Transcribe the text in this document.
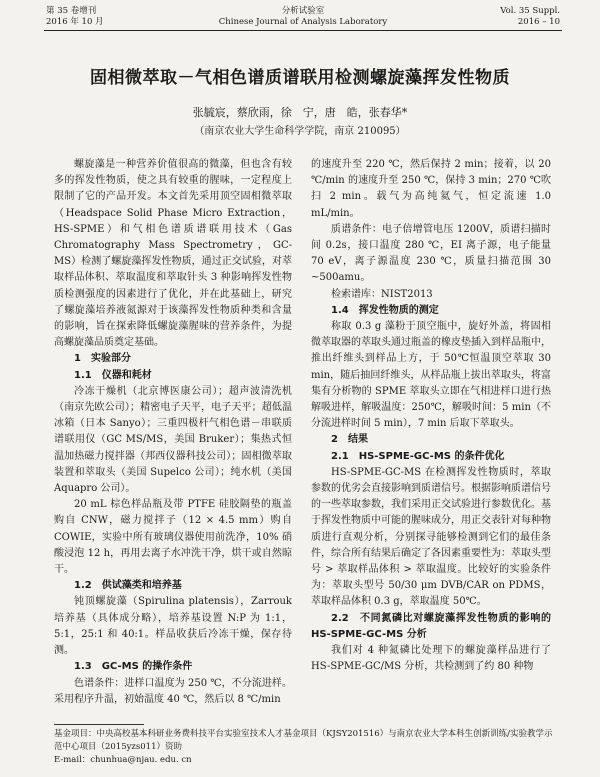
第 35 卷增刊
2016 年 10 月
分析试验室
Chinese Journal of Analysis Laboratory
Vol. 35 Suppl.
2016 – 10
固相微萃取－气相色谱质谱联用检测螺旋藻挥发性物质
张毓宸，蔡欣雨，徐　宁，唐　皓，张春华*
（南京农业大学生命科学学院，南京 210095）

螺旋藻是一种营养价值很高的微藻，但也含有较多的挥发性物质，使之具有较重的腥味，一定程度上限制了它的产品开发。本文首先采用顶空固相微萃取（Headspace Solid Phase Micro Extraction，HS-SPME）和气相色谱质谱联用技术（Gas Chromatography Mass Spectrometry，GC-MS）检测了螺旋藻挥发性物质，通过正交试验，对萃取样品体积、萃取温度和萃取针头 3 种影响挥发性物质检测强度的因素进行了优化，并在此基础上，研究了螺旋藻培养液氮源对于该藻挥发性物质种类和含量的影响，旨在探索降低螺旋藻腥味的营养条件，为提高螺旋藻品质奠定基础。

1　实验部分

1.1　仪器和耗材

冷冻干燥机（北京博医康公司）；超声波清洗机（南京先欧公司）；精密电子天平，电子天平；超低温冰箱（日本 Sanyo）；三重四极杆气相色谱－串联质谱联用仪（GC MS/MS，美国 Bruker）；集热式恒温加热磁力搅拌器（邦西仪器科技公司）；固相微萃取装置和萃取头（美国 Supelco 公司）；纯水机（美国 Aquapro 公司）。

20 mL 棕色样品瓶及带 PTFE 硅胶隔垫的瓶盖购自 CNW，磁力搅拌子（12 × 4.5 mm）购自 COWIE，实验中所有玻璃仪器使用前洗净，10% 硝酸浸泡 12 h，再用去离子水冲洗干净，烘干或自然晾干。

1.2　供试藻类和培养基

钝顶螺旋藻（Spirulina platensis），Zarrouk 培养基（具体成分略），培养基设置 N:P 为 1:1，5:1，25:1 和 40:1。样品收获后冷冻干燥，保存待测。

1.3　GC-MS 的操作条件

色谱条件：进样口温度为 250 ℃，不分流进样。采用程序升温，初始温度 40 ℃，然后以 8 ℃/min

的速度升至 220 ℃，然后保持 2 min；接着，以 20 ℃/min 的速度升至 250 ℃，保持 3 min；270 ℃吹扫 2 min。载气为高纯氦气，恒定流速 1.0 mL/min。

质谱条件：电子倍增管电压 1200V，质谱扫描时间 0.2s，接口温度 280 ℃，EI 离子源，电子能量 70 eV，离子源温度 230 ℃，质量扫描范围 30 ~500amu。

检索谱库：NIST2013

1.4　挥发性物质的测定

称取 0.3 g 藻粉于顶空瓶中，旋好外盖，将固相微萃取器的萃取头通过瓶盖的橡皮垫插入到样品瓶中，推出纤维头到样品上方，于 50℃恒温顶空萃取 30 min，随后抽回纤维头，从样品瓶上拔出萃取头，将富集有分析物的 SPME 萃取头立即在气相进样口进行热解吸进样，解吸温度：250℃，解吸时间：5 min（不分流进样时间 5 min），7 min 后取下萃取头。

2　结果

2.1　HS-SPME-GC-MS 的条件优化

HS-SPME-GC-MS 在检测挥发性物质时，萃取参数的优劣会直接影响到质谱信号。根据影响质谱信号的一些萃取参数，我们采用正交试验进行参数优化。基于挥发性物质中可能的腥味成分，用正交表针对每种物质进行直观分析，分别探寻能够检测到它们的最佳条件，综合所有结果后确定了各因素重要性为：萃取头型号 > 萃取样品体积 > 萃取温度。比较好的实验条件为：萃取头型号 50/30 μm DVB/CAR on PDMS，萃取样品体积 0.3 g，萃取温度 50℃。

2.2　不同氮磷比对螺旋藻挥发性物质的影响的 HS-SPME-GC-MS 分析

我们对 4 种氮磷比处理下的螺旋藻样品进行了 HS-SPME-GC/MS 分析，共检测到了约 80 种物

基金项目：中央高校基本科研业务费科技平台实验室技术人才基金项目（KJSY201516）与南京农业大学本科生创新训练/实验教学示范中心项目（2015yzs011）资助

E-mail：chunhua@njau. edu. cn
